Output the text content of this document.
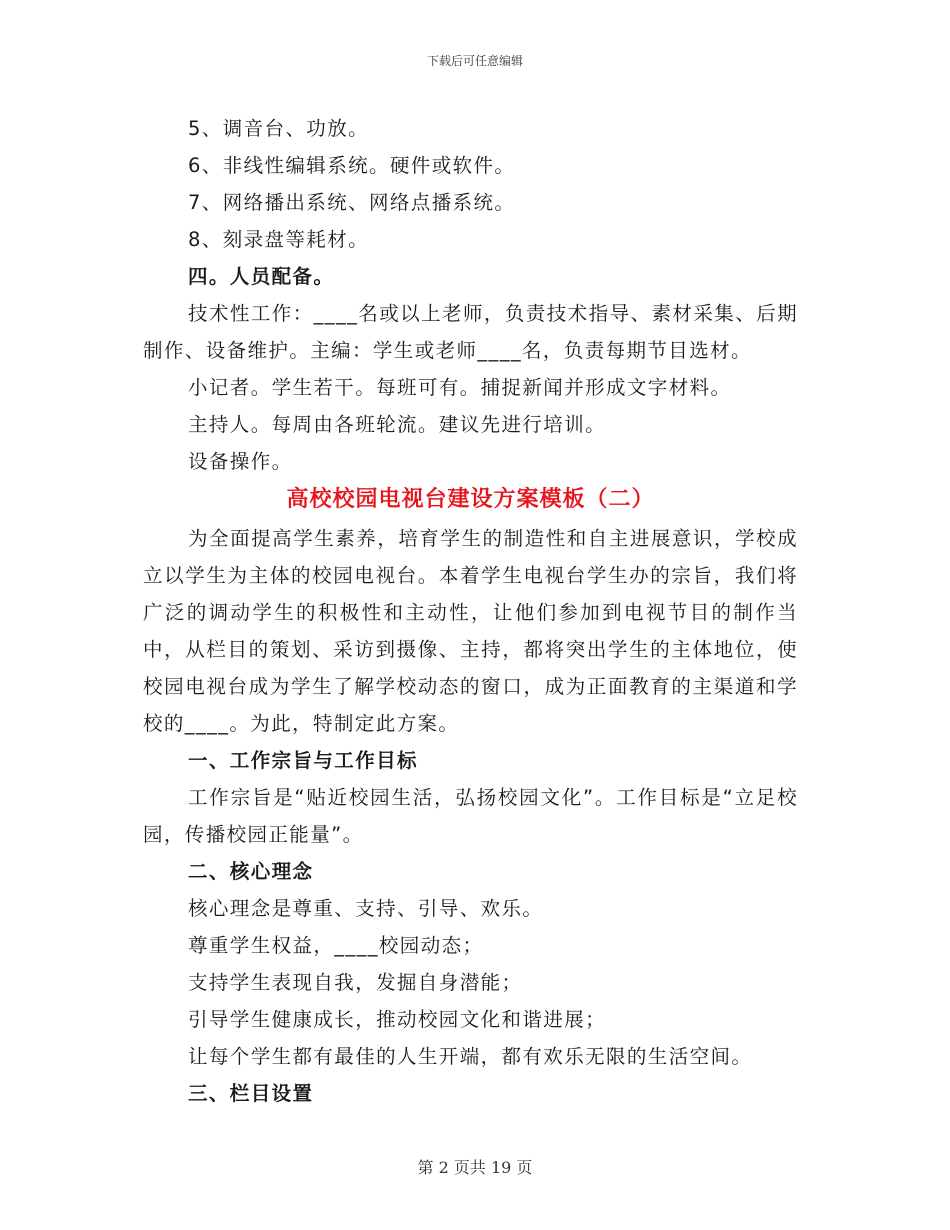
下载后可任意编辑

5、调音台、功放。

6、非线性编辑系统。硬件或软件。

7、网络播出系统、网络点播系统。

8、刻录盘等耗材。

四。人员配备。

技术性工作：____名或以上老师，负责技术指导、素材采集、后期制作、设备维护。主编：学生或老师____名，负责每期节目选材。

小记者。学生若干。每班可有。捕捉新闻并形成文字材料。

主持人。每周由各班轮流。建议先进行培训。

设备操作。

高校校园电视台建设方案模板（二）

为全面提高学生素养，培育学生的制造性和自主进展意识，学校成立以学生为主体的校园电视台。本着学生电视台学生办的宗旨，我们将广泛的调动学生的积极性和主动性，让他们参加到电视节目的制作当中，从栏目的策划、采访到摄像、主持，都将突出学生的主体地位，使校园电视台成为学生了解学校动态的窗口，成为正面教育的主渠道和学校的____。为此，特制定此方案。

一、工作宗旨与工作目标

工作宗旨是“贴近校园生活，弘扬校园文化”。工作目标是“立足校园，传播校园正能量”。

二、核心理念

核心理念是尊重、支持、引导、欢乐。

尊重学生权益，____校园动态；

支持学生表现自我，发掘自身潜能；

引导学生健康成长，推动校园文化和谐进展；

让每个学生都有最佳的人生开端，都有欢乐无限的生活空间。

三、栏目设置

第 2 页共 19 页
